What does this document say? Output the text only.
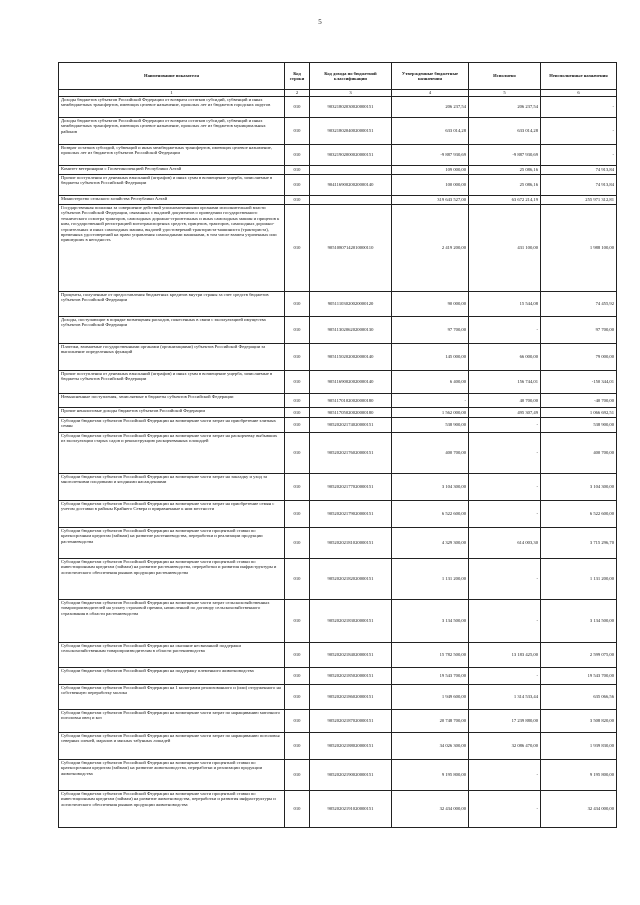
5
Наименование показателя	Код строки	Код дохода по бюджетной классификации	Утвержденные бюджетные назначения	Исполнено	Неисполненные назначения
1	2	3	4	5	6
Доходы бюджетов субъектов Российской Федерации от возврата остатков субсидий, субвенций и иных межбюджетных трансфертов, имеющих целевое назначение, прошлых лет из бюджетов городских округов	010	90321802030020000151	206 237,54	206 237,54	-
Доходы бюджетов субъектов Российской Федерации от возврата остатков субсидий, субвенций и иных межбюджетных трансфертов, имеющих целевое назначение, прошлых лет из бюджетов муниципальных районов	010	90321802040020000151	633 014,28	633 014,28	-
Возврат остатков субсидий, субвенций и иных межбюджетных трансфертов, имеющих целевое назначение, прошлых лет из бюджетов субъектов Российской Федерации	010	90321902000020000151	-9 887 930,69	-9 887 930,69	-
Комитет ветеринарии с Госветинспекцией Республики Алтай	010		109 000,00	25 086,16	74 913,84
Прочие поступления от денежных взысканий (штрафов) и иных сумм в возмещение ущерба, зачисляемые в бюджеты субъектов Российской Федерации	010	90411690020020000140	100 000,00	25 086,16	74 913,84
Министерство сельского хозяйства Республики Алтай	010		319 643 527,00	63 672 214,19	255 971 312,81
Государственная пошлина за совершение действий уполномоченными органами исполнительной власти субъектов Российской Федерации, связанных с выдачей документов о проведении государственного технического осмотра тракторов, самоходных дорожно-строительных и иных самоходных машин и прицепов к ним, государственной регистрацией мототранспортных средств, прицепов, тракторов, самоходных дорожно-строительных и иных самоходных машин, выдачей удостоверений тракториста-машиниста (тракториста), временных удостоверений на право управления самоходными машинами, в том числе взамен утраченных или пришедших в негодность	010	90510807142010000110	2 419 200,00	431 100,00	1 988 100,00
Проценты, полученные от предоставления бюджетных кредитов внутри страны за счет средств бюджетов субъектов Российской Федерации	010	90511103020020000120	90 000,00	15 544,08	74 455,92
Доходы, поступающие в порядке возмещения расходов, понесенных в связи с эксплуатацией имущества субъектов Российской Федерации	010	90511302062020000130	97 700,00	-	97 700,00
Платежи, взимаемые государственными органами (организациями) субъектов Российской Федерации за выполнение определенных функций	010	90511502020020000140	145 000,00	66 000,00	79 000,00
Прочие поступления от денежных взысканий (штрафов) и иных сумм в возмещение ущерба, зачисляемые в бюджеты субъектов Российской Федерации	010	90511690020020000140	6 400,00	156 744,01	-150 344,01
Невыясненные поступления, зачисляемые в бюджеты субъектов Российской Федерации	010	90511701020020000180	-	40 700,00	-40 700,00
Прочие неналоговые доходы бюджетов субъектов Российской Федерации	010	90511705020020000180	1 562 000,00	495 307,49	1 066 692,51
Субсидии бюджетам субъектов Российской Федерации на возмещение части затрат на приобретение элитных семян	010	90520202174020000151	538 900,00	-	538 900,00
Субсидии бюджетам субъектов Российской Федерации на возмещение части затрат на раскорчевку выбывших из эксплуатации старых садов и реконструкцию раскорчеванных площадей	010	90520202176020000151	400 700,00	-	400 700,00
Субсидии бюджетам субъектов Российской Федерации на возмещение части затрат на закладку и уход за многолетними плодовыми и ягодными насаждениями	010	90520202177020000151	3 104 300,00	-	3 104 300,00
Субсидии бюджетам субъектов Российской Федерации на возмещение части затрат на приобретение семян с учетом доставки в районы Крайнего Севера и приравненные к ним местности	010	90520202179020000151	6 522 600,00	-	6 522 600,00
Субсидии бюджетам субъектов Российской Федерации на возмещение части процентной ставки по краткосрочным кредитам (займам) на развитие растениеводства, переработки и реализации продукции растениеводства	010	90520202181020000151	4 329 300,00	614 003,30	3 715 296,70
Субсидии бюджетам субъектов Российской Федерации на возмещение части процентной ставки по инвестиционным кредитам (займам) на развитие растениеводства, переработки и развития инфраструктуры и логистического обеспечения рынков продукции растениеводства	010	90520202182020000151	1 131 200,00	-	1 131 200,00
Субсидии бюджетам субъектов Российской Федерации на возмещение части затрат сельскохозяйственных товаропроизводителей на уплату страховой премии, начисленной по договору сельскохозяйственного страхования в области растениеводства	010	90520202183020000151	3 134 500,00	-	3 134 500,00
Субсидии бюджетам субъектов Российской Федерации на оказание несвязанной поддержки сельскохозяйственным товаропроизводителям в области растениеводства	010	90520202184020000151	15 782 500,00	13 183 425,00	2 599 075,00
Субсидии бюджетам субъектов Российской Федерации на поддержку племенного животноводства	010	90520202185020000151	19 543 700,00	-	19 543 700,00
Субсидии бюджетам субъектов Российской Федерации на 1 килограмм реализованного и (или) отгруженного на собственную переработку молока	010	90520202186020000151	1 949 600,00	1 314 533,44	635 066,56
Субсидии бюджетам субъектов Российской Федерации на возмещение части затрат по наращиванию маточного поголовья овец и коз	010	90520202187020000151	20 748 700,00	17 239 880,00	3 508 820,00
Субсидии бюджетам субъектов Российской Федерации на возмещение части затрат по наращиванию поголовья северных оленей, маралов и мясных табунных лошадей	010	90520202188020000151	34 026 300,00	32 086 470,00	1 939 830,00
Субсидии бюджетам субъектов Российской Федерации на возмещение части процентной ставки по краткосрочным кредитам (займам) на развитие животноводства, переработки и реализации продукции животноводства	010	90520202190020000151	9 195 800,00	-	9 195 800,00
Субсидии бюджетам субъектов Российской Федерации на возмещение части процентной ставки по инвестиционным кредитам (займам) на развитие животноводства, переработки и развития инфраструктуры и логистического обеспечения рынков продукции животноводства	010	90520202191020000151	32 434 000,00	-	32 434 000,00
